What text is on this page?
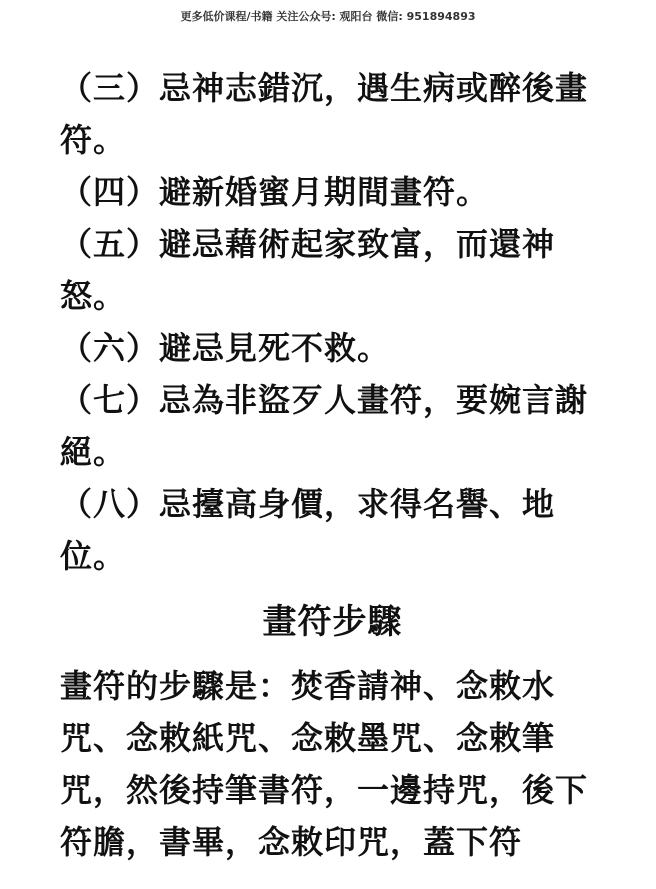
更多低价课程/书籍 关注公众号: 观阳台 微信: 951894893

（三）忌神志錯沉，遇生病或醉後畫符。

（四）避新婚蜜月期間畫符。

（五）避忌藉術起家致富，而還神怒。

（六）避忌見死不救。

（七）忌為非盜歹人畫符，要婉言謝絕。

（八）忌擡高身價，求得名譽、地位。

畫符步驟

畫符的步驟是：焚香請神、念敕水咒、念敕紙咒、念敕墨咒、念敕筆咒，然後持筆書符，一邊持咒，後下符膽，書畢，念敕印咒，蓋下符
